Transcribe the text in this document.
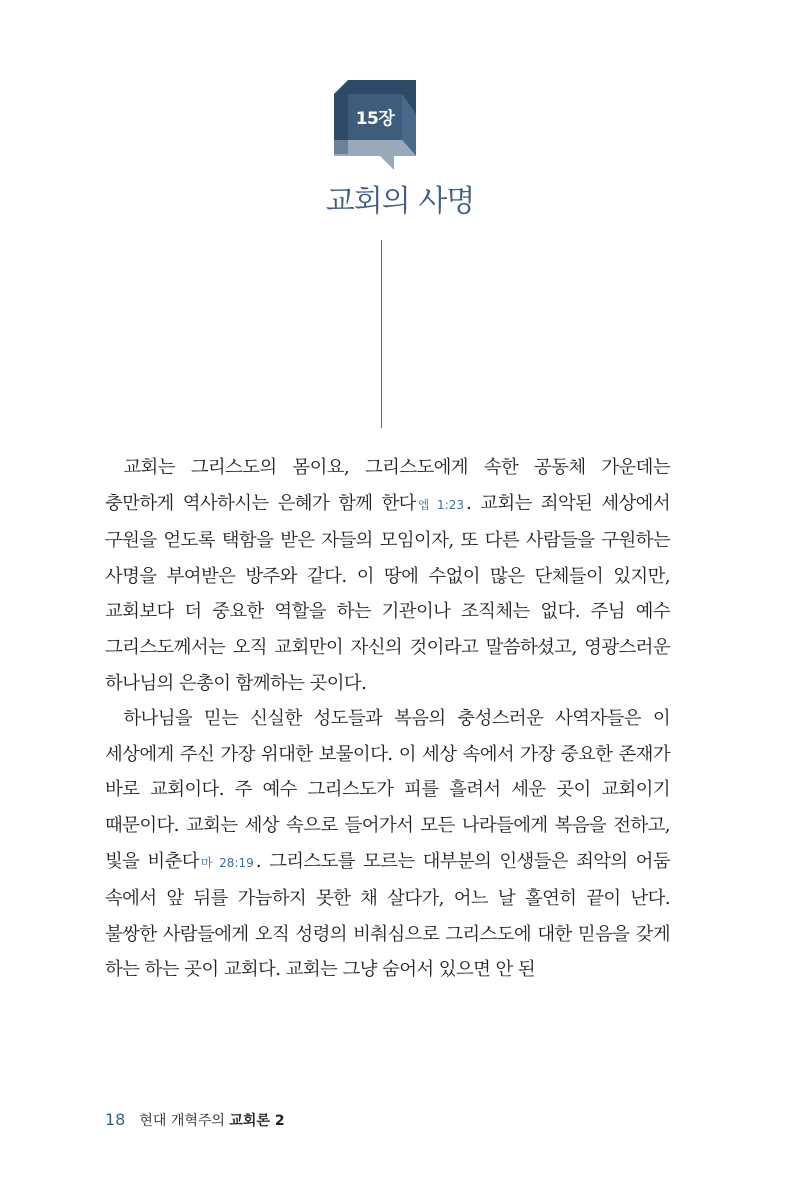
15장
교회의 사명

교회는 그리스도의 몸이요, 그리스도에게 속한 공동체 가운데는 충만하게 역사하시는 은혜가 함께 한다 엡 1:23 . 교회는 죄악된 세상에서 구원을 얻도록 택함을 받은 자들의 모임이자, 또 다른 사람들을 구원하는 사명을 부여받은 방주와 같다. 이 땅에 수없이 많은 단체들이 있지만, 교회보다 더 중요한 역할을 하는 기관이나 조직체는 없다. 주님 예수 그리스도께서는 오직 교회만이 자신의 것이라고 말씀하셨고, 영광스러운 하나님의 은총이 함께하는 곳이다.

하나님을 믿는 신실한 성도들과 복음의 충성스러운 사역자들은 이 세상에게 주신 가장 위대한 보물이다. 이 세상 속에서 가장 중요한 존재가 바로 교회이다. 주 예수 그리스도가 피를 흘려서 세운 곳이 교회이기 때문이다. 교회는 세상 속으로 들어가서 모든 나라들에게 복음을 전하고, 빛을 비춘다 마 28:19 . 그리스도를 모르는 대부분의 인생들은 죄악의 어둠 속에서 앞 뒤를 가늠하지 못한 채 살다가, 어느 날 홀연히 끝이 난다. 불쌍한 사람들에게 오직 성령의 비춰심으로 그리스도에 대한 믿음을 갖게 하는 하는 곳이 교회다. 교회는 그냥 숨어서 있으면 안 된

18 현대 개혁주의 교회론 2
